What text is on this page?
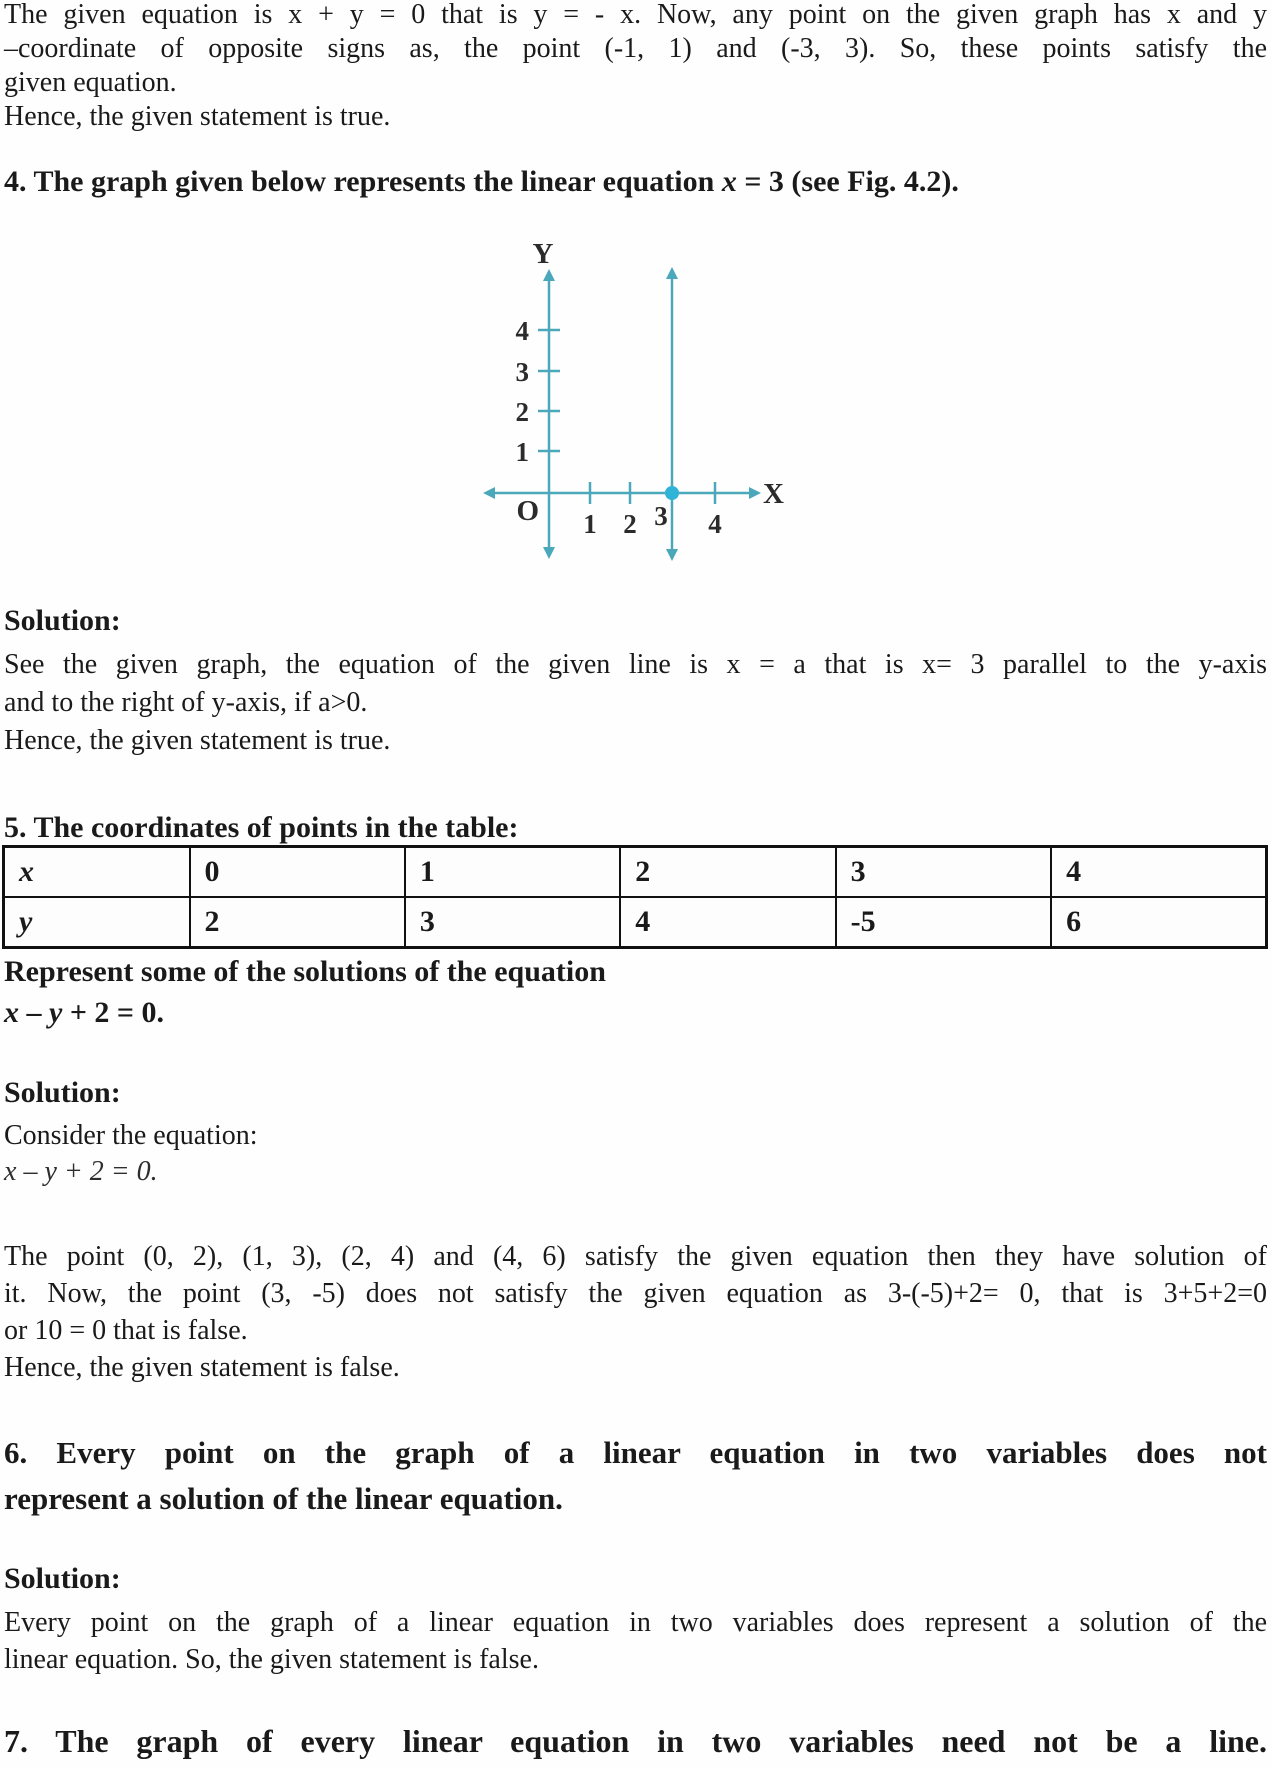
The given equation is x + y = 0 that is y = - x. Now, any point on the given graph has x and y
–coordinate of opposite signs as, the point (-1, 1) and (-3, 3). So, these points satisfy the
given equation.
Hence, the given statement is true.
4. The graph given below represents the linear equation x = 3 (see Fig. 4.2).
Y
X
O
4
3
2
1
1 2 3 4
Solution:
See the given graph, the equation of the given line is x = a that is x= 3 parallel to the y-axis
and to the right of y-axis, if a>0.
Hence, the given statement is true.
5. The coordinates of points in the table:
x	0	1	2	3	4
y	2	3	4	-5	6
Represent some of the solutions of the equation
x – y + 2 = 0.
Solution:
Consider the equation:
x – y + 2 = 0.
The point (0, 2), (1, 3), (2, 4) and (4, 6) satisfy the given equation then they have solution of
it. Now, the point (3, -5) does not satisfy the given equation as 3-(-5)+2= 0, that is 3+5+2=0
or 10 = 0 that is false.
Hence, the given statement is false.
6. Every point on the graph of a linear equation in two variables does not
represent a solution of the linear equation.
Solution:
Every point on the graph of a linear equation in two variables does represent a solution of the
linear equation. So, the given statement is false.
7. The graph of every linear equation in two variables need not be a line.
